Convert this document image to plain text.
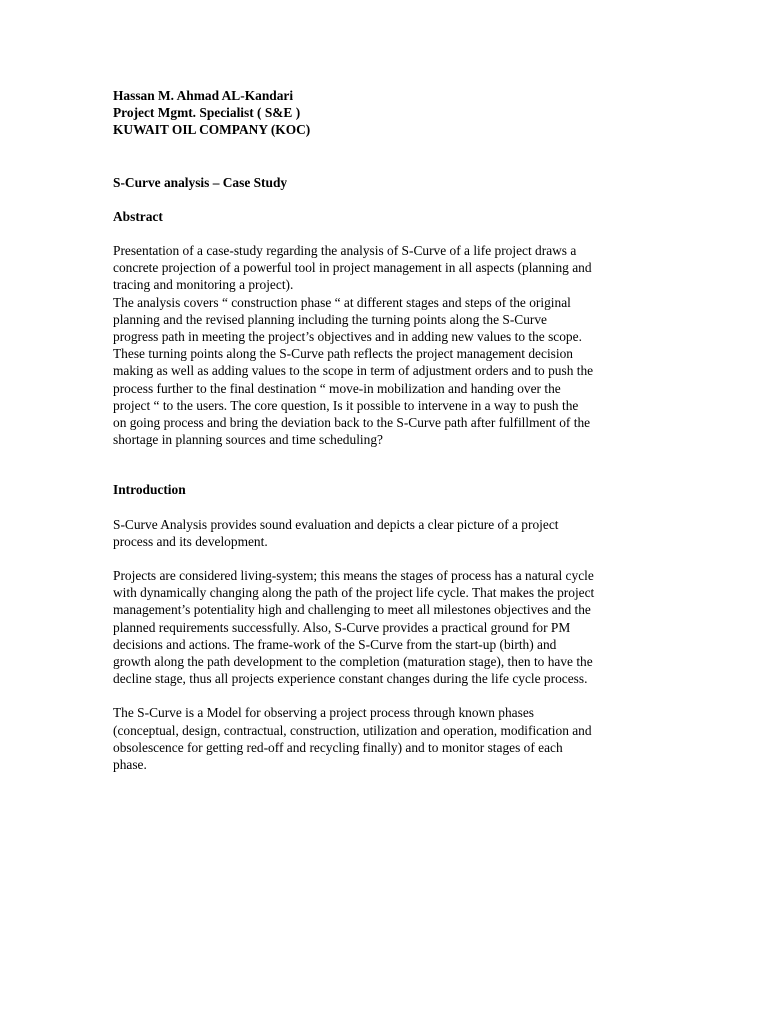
Hassan M. Ahmad AL-Kandari
Project Mgmt. Specialist ( S&E )
KUWAIT OIL COMPANY (KOC)
S-Curve analysis – Case Study
Abstract

Presentation of a case-study regarding the analysis of S-Curve of a life project draws a
concrete projection of a powerful tool in project management in all aspects (planning and
tracing and monitoring a project).
The analysis covers “ construction phase “ at different stages and steps of the original
planning and the revised planning including the turning points along the S-Curve
progress path in meeting the project’s objectives and in adding new values to the scope.
These turning points along the S-Curve path reflects the project management decision
making as well as adding values to the scope in term of adjustment orders and to push the
process further to the final destination “ move-in mobilization and handing over the
project “ to the users. The core question, Is it possible to intervene in a way to push the
on going process and bring the deviation back to the S-Curve path after fulfillment of the
shortage in planning sources and time scheduling?

Introduction

S-Curve Analysis provides sound evaluation and depicts a clear picture of a project
process and its development.

Projects are considered living-system; this means the stages of process has a natural cycle
with dynamically changing along the path of the project life cycle. That makes the project
management’s potentiality high and challenging to meet all milestones objectives and the
planned requirements successfully. Also, S-Curve provides a practical ground for PM
decisions and actions. The frame-work of the S-Curve from the start-up (birth) and
growth along the path development to the completion (maturation stage), then to have the
decline stage, thus all projects experience constant changes during the life cycle process.

The S-Curve is a Model for observing a project process through known phases
(conceptual, design, contractual, construction, utilization and operation, modification and
obsolescence for getting red-off and recycling finally) and to monitor stages of each
phase.
